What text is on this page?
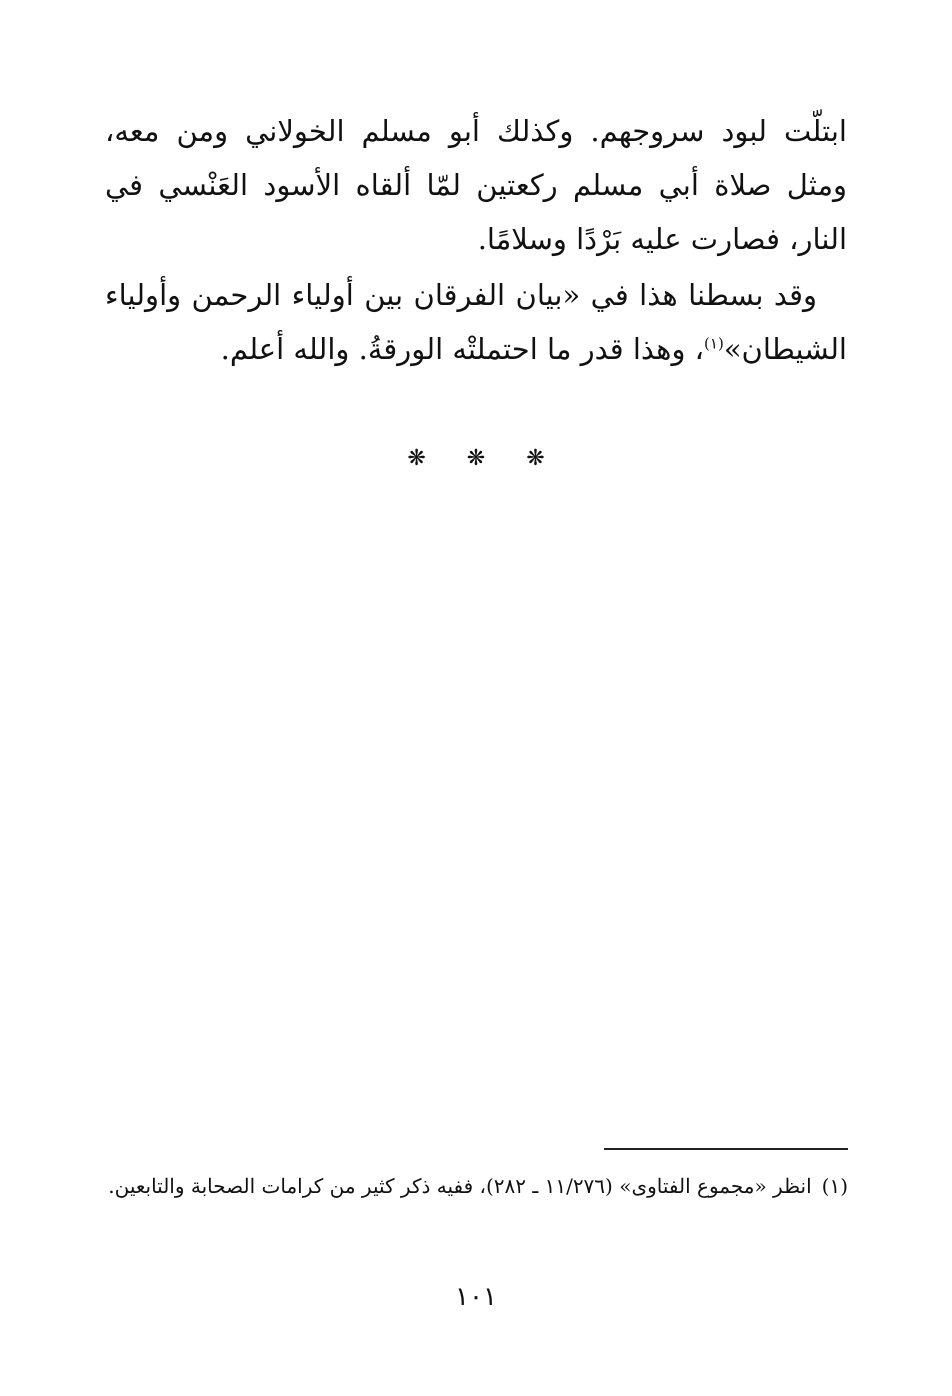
ابتلّت لبود سروجهم. وكذلك أبو مسلم الخولاني ومن معه، ومثل صلاة أبي مسلم ركعتين لمّا ألقاه الأسود العَنْسي في النار، فصارت عليه بَرْدًا وسلامًا.

وقد بسطنا هذا في «بيان الفرقان بين أولياء الرحمن وأولياء الشيطان»$^{(١)}$، وهذا قدر ما احتملتْه الورقةُ. والله أعلم.

❋ ❋ ❋

(١)انظر «مجموع الفتاوى» (١١/٢٧٦ ـ ٢٨٢)، ففيه ذكر كثير من كرامات الصحابة والتابعين.

١٠١
